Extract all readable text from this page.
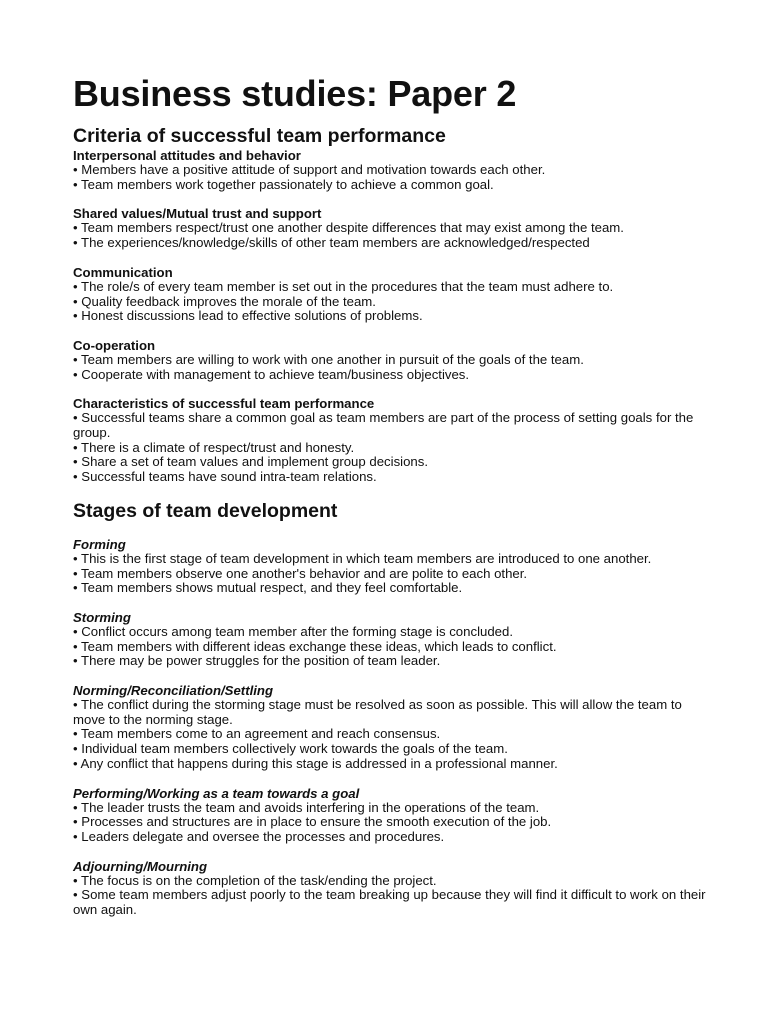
Business studies: Paper 2
Criteria of successful team performance

Interpersonal attitudes and behavior

• Members have a positive attitude of support and motivation towards each other.
• Team members work together passionately to achieve a common goal.

Shared values/Mutual trust and support

• Team members respect/trust one another despite differences that may exist among the team.
• The experiences/knowledge/skills of other team members are acknowledged/respected

Communication

• The role/s of every team member is set out in the procedures that the team must adhere to.
• Quality feedback improves the morale of the team.
• Honest discussions lead to effective solutions of problems.

Co-operation

• Team members are willing to work with one another in pursuit of the goals of the team.
• Cooperate with management to achieve team/business objectives.

Characteristics of successful team performance

• Successful teams share a common goal as team members are part of the process of setting goals for the group.
• There is a climate of respect/trust and honesty.
• Share a set of team values and implement group decisions.
• Successful teams have sound intra-team relations.
Stages of team development

Forming

• This is the first stage of team development in which team members are introduced to one another.
• Team members observe one another's behavior and are polite to each other.
• Team members shows mutual respect, and they feel comfortable.

Storming

• Conflict occurs among team member after the forming stage is concluded.
• Team members with different ideas exchange these ideas, which leads to conflict.
• There may be power struggles for the position of team leader.

Norming/Reconciliation/Settling

• The conflict during the storming stage must be resolved as soon as possible. This will allow the team to move to the norming stage.
• Team members come to an agreement and reach consensus.
• Individual team members collectively work towards the goals of the team.
• Any conflict that happens during this stage is addressed in a professional manner.

Performing/Working as a team towards a goal

• The leader trusts the team and avoids interfering in the operations of the team.
• Processes and structures are in place to ensure the smooth execution of the job.
• Leaders delegate and oversee the processes and procedures.

Adjourning/Mourning

• The focus is on the completion of the task/ending the project.
• Some team members adjust poorly to the team breaking up because they will find it difficult to work on their own again.
